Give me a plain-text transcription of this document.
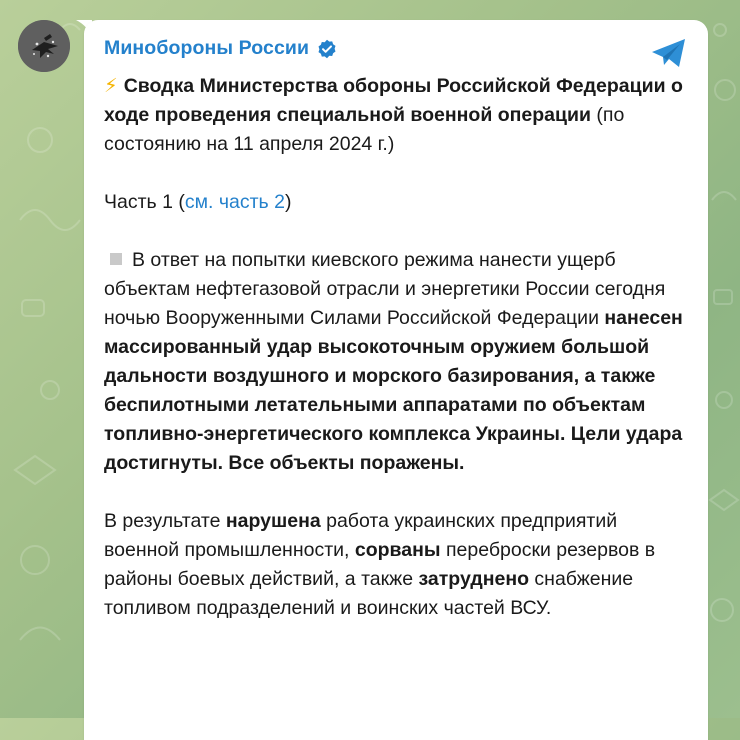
Минобороны России

⚡ Сводка Министерства обороны Российской Федерации о ходе проведения специальной военной операции (по состоянию на 11 апреля 2024 г.)

Часть 1 (см. часть 2)

В ответ на попытки киевского режима нанести ущерб объектам нефтегазовой отрасли и энергетики России сегодня ночью Вооруженными Силами Российской Федерации нанесен массированный удар высокоточным оружием большой дальности воздушного и морского базирования, а также беспилотными летательными аппаратами по объектам топливно-энергетического комплекса Украины. Цели удара достигнуты. Все объекты поражены.

В результате нарушена работа украинских предприятий военной промышленности, сорваны переброски резервов в районы боевых действий, а также затруднено снабжение топливом подразделений и воинских частей ВСУ.
